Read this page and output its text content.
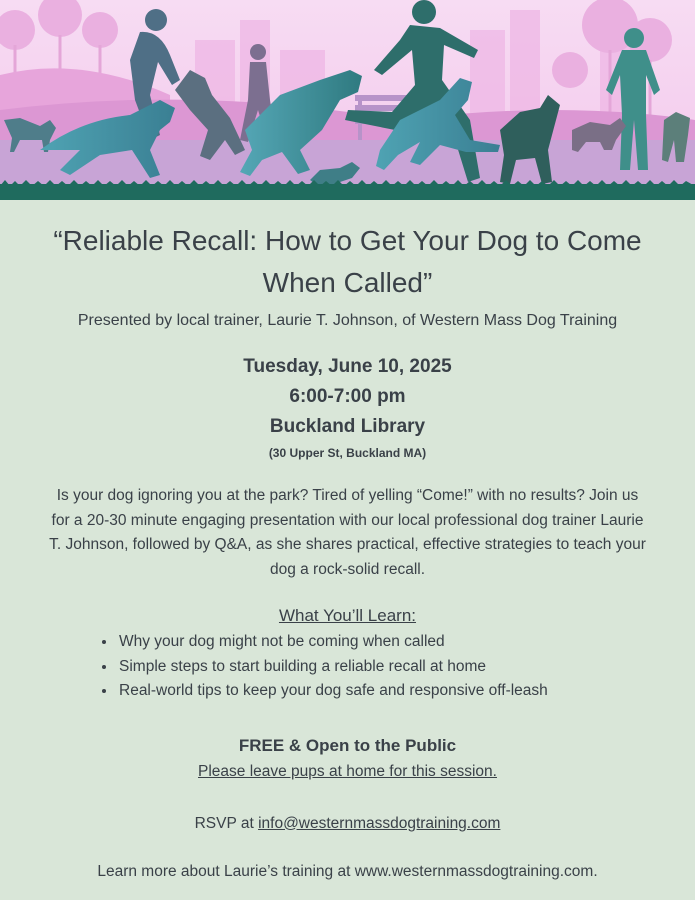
“Reliable Recall: How to Get Your Dog to Come When Called”
Presented by local trainer, Laurie T. Johnson, of Western Mass Dog Training
Tuesday, June 10, 2025
6:00-7:00 pm
Buckland Library
(30 Upper St, Buckland MA)
Is your dog ignoring you at the park? Tired of yelling “Come!” with no results? Join us for a 20-30 minute engaging presentation with our local professional dog trainer Laurie T. Johnson, followed by Q&A, as she shares practical, effective strategies to teach your dog a rock-solid recall.
What You’ll Learn:
• Why your dog might not be coming when called
• Simple steps to start building a reliable recall at home
• Real-world tips to keep your dog safe and responsive off-leash
FREE & Open to the Public
Please leave pups at home for this session.
RSVP at info@westernmassdogtraining.com
Learn more about Laurie’s training at www.westernmassdogtraining.com.
